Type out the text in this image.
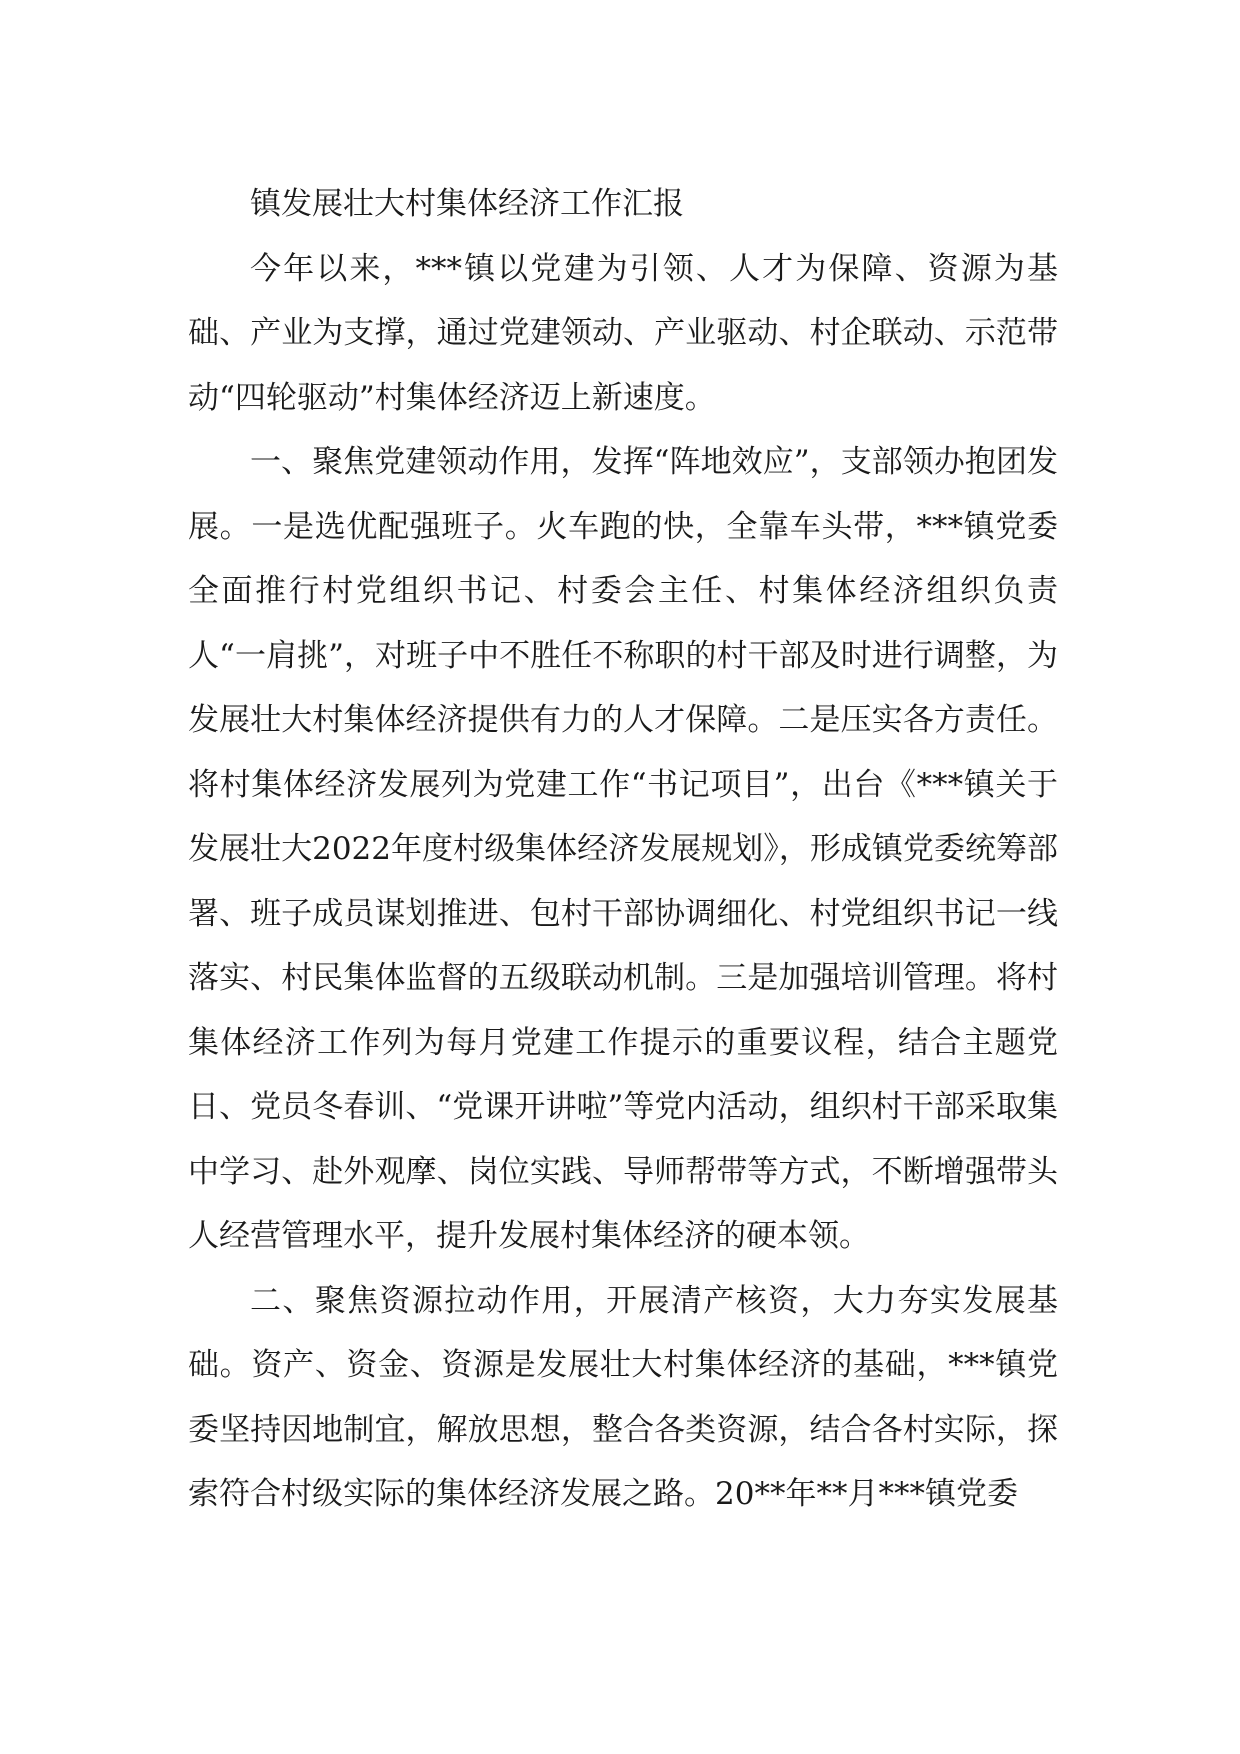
镇发展壮大村集体经济工作汇报

今年以来，***镇以党建为引领、人才为保障、资源为基础、产业为支撑，通过党建领动、产业驱动、村企联动、示范带动“四轮驱动”村集体经济迈上新速度。

一、聚焦党建领动作用，发挥“阵地效应”，支部领办抱团发展。一是选优配强班子。火车跑的快，全靠车头带，***镇党委全面推行村党组织书记、村委会主任、村集体经济组织负责人“一肩挑”，对班子中不胜任不称职的村干部及时进行调整，为发展壮大村集体经济提供有力的人才保障。二是压实各方责任。将村集体经济发展列为党建工作“书记项目”，出台《***镇关于发展壮大2022年度村级集体经济发展规划》，形成镇党委统筹部署、班子成员谋划推进、包村干部协调细化、村党组织书记一线落实、村民集体监督的五级联动机制。三是加强培训管理。将村集体经济工作列为每月党建工作提示的重要议程，结合主题党日、党员冬春训、“党课开讲啦”等党内活动，组织村干部采取集中学习、赴外观摩、岗位实践、导师帮带等方式，不断增强带头人经营管理水平，提升发展村集体经济的硬本领。

二、聚焦资源拉动作用，开展清产核资，大力夯实发展基础。资产、资金、资源是发展壮大村集体经济的基础，***镇党委坚持因地制宜，解放思想，整合各类资源，结合各村实际，探索符合村级实际的集体经济发展之路。20**年**月***镇党委
